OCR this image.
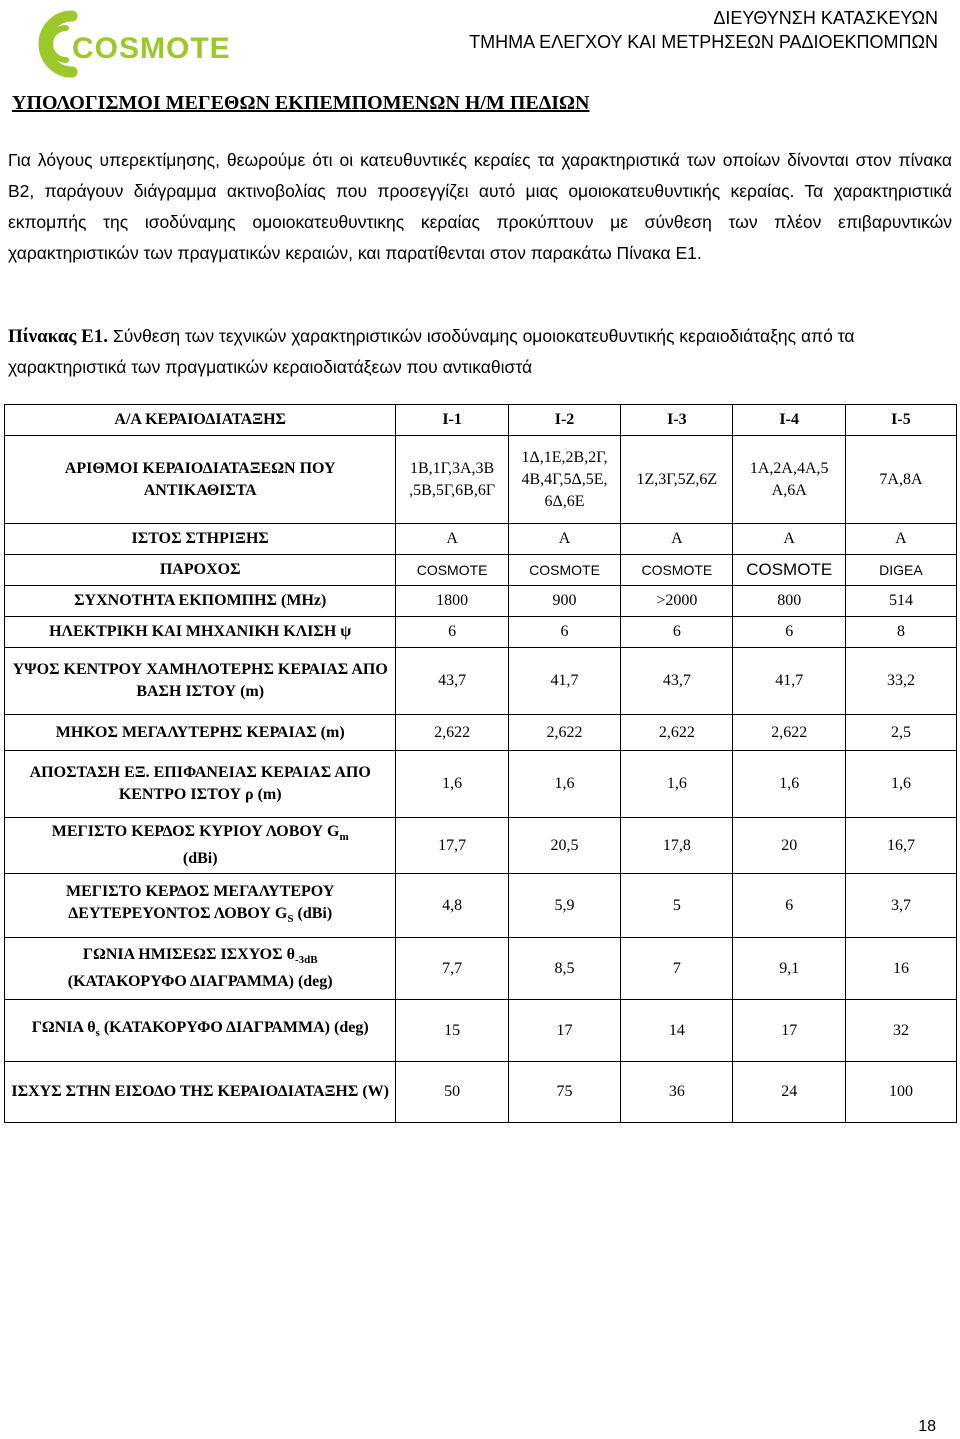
COSMOTE
ΔΙΕΥΘΥΝΣΗ ΚΑΤΑΣΚΕΥΩΝ
ΤΜΗΜΑ ΕΛΕΓΧΟΥ ΚΑΙ ΜΕΤΡΗΣΕΩΝ ΡΑΔΙΟΕΚΠΟΜΠΩΝ
ΥΠΟΛΟΓΙΣΜΟΙ ΜΕΓΕΘΩΝ ΕΚΠΕΜΠΟΜΕΝΩΝ Η/Μ ΠΕΔΙΩΝ
Για λόγους υπερεκτίμησης, θεωρούμε ότι οι κατευθυντικές κεραίες τα χαρακτηριστικά των οποίων δίνονται στον πίνακα Β2, παράγουν διάγραμμα ακτινοβολίας που προσεγγίζει αυτό μιας ομοιοκατευθυντικής κεραίας. Τα χαρακτηριστικά εκπομπής της ισοδύναμης ομοιοκατευθυντικης κεραίας προκύπτουν με σύνθεση των πλέον επιβαρυντικών χαρακτηριστικών των πραγματικών κεραιών, και παρατίθενται στον παρακάτω Πίνακα Ε1.
Πίνακας Ε1. Σύνθεση των τεχνικών χαρακτηριστικών ισοδύναμης ομοιοκατευθυντικής κεραιοδιάταξης από τα χαρακτηριστικά των πραγματικών κεραιοδιατάξεων που αντικαθιστά
Α/Α ΚΕΡΑΙΟΔΙΑΤΑΞΗΣ	Ι-1	Ι-2	Ι-3	Ι-4	Ι-5
ΑΡΙΘΜΟΙ ΚΕΡΑΙΟΔΙΑΤΑΞΕΩΝ ΠΟΥ ΑΝΤΙΚΑΘΙΣΤΑ	1Β,1Γ,3Α,3Β ,5Β,5Γ,6Β,6Γ	1Δ,1Ε,2Β,2Γ, 4Β,4Γ,5Δ,5Ε, 6Δ,6Ε	1Ζ,3Γ,5Ζ,6Ζ	1Α,2Α,4Α,5 Α,6Α	7Α,8Α
ΙΣΤΟΣ ΣΤΗΡΙΞΗΣ	Α	Α	Α	Α	Α
ΠΑΡΟΧΟΣ	COSMOTE	COSMOTE	COSMOTE	COSMOTE	DIGEA
ΣΥΧΝΟΤΗΤΑ ΕΚΠΟΜΠΗΣ (MHz)	1800	900	>2000	800	514
ΗΛΕΚΤΡΙΚΗ ΚΑΙ ΜΗΧΑΝΙΚΗ ΚΛΙΣΗ ψ	6	6	6	6	8
ΥΨΟΣ ΚΕΝΤΡΟΥ ΧΑΜΗΛΟΤΕΡΗΣ ΚΕΡΑΙΑΣ ΑΠΟ ΒΑΣΗ ΙΣΤΟΥ (m)	43,7	41,7	43,7	41,7	33,2
ΜΗΚΟΣ ΜΕΓΑΛΥΤΕΡΗΣ ΚΕΡΑΙΑΣ (m)	2,622	2,622	2,622	2,622	2,5
ΑΠΟΣΤΑΣΗ ΕΞ. ΕΠΙΦΑΝΕΙΑΣ ΚΕΡΑΙΑΣ ΑΠΟ ΚΕΝΤΡΟ ΙΣΤΟΥ ρ (m)	1,6	1,6	1,6	1,6	1,6
ΜΕΓΙΣΤΟ ΚΕΡΔΟΣ ΚΥΡΙΟΥ ΛΟΒΟΥ $G_m$
(dBi)	17,7	20,5	17,8	20	16,7
ΜΕΓΙΣΤΟ ΚΕΡΔΟΣ ΜΕΓΑΛΥΤΕΡΟΥ ΔΕΥΤΕΡΕΥΟΝΤΟΣ ΛΟΒΟΥ $G_S$ (dBi)	4,8	5,9	5	6	3,7
ΓΩΝΙΑ ΗΜΙΣΕΩΣ ΙΣΧΥΟΣ $\theta_{-3dB}$
(ΚΑΤΑΚΟΡΥΦΟ ΔΙΑΓΡΑΜΜΑ) (deg)	7,7	8,5	7	9,1	16
ΓΩΝΙΑ $\theta_s$ (ΚΑΤΑΚΟΡΥΦΟ ΔΙΑΓΡΑΜΜΑ) (deg)	15	17	14	17	32
ΙΣΧΥΣ ΣΤΗΝ ΕΙΣΟΔΟ ΤΗΣ ΚΕΡΑΙΟΔΙΑΤΑΞΗΣ (W)	50	75	36	24	100
18
